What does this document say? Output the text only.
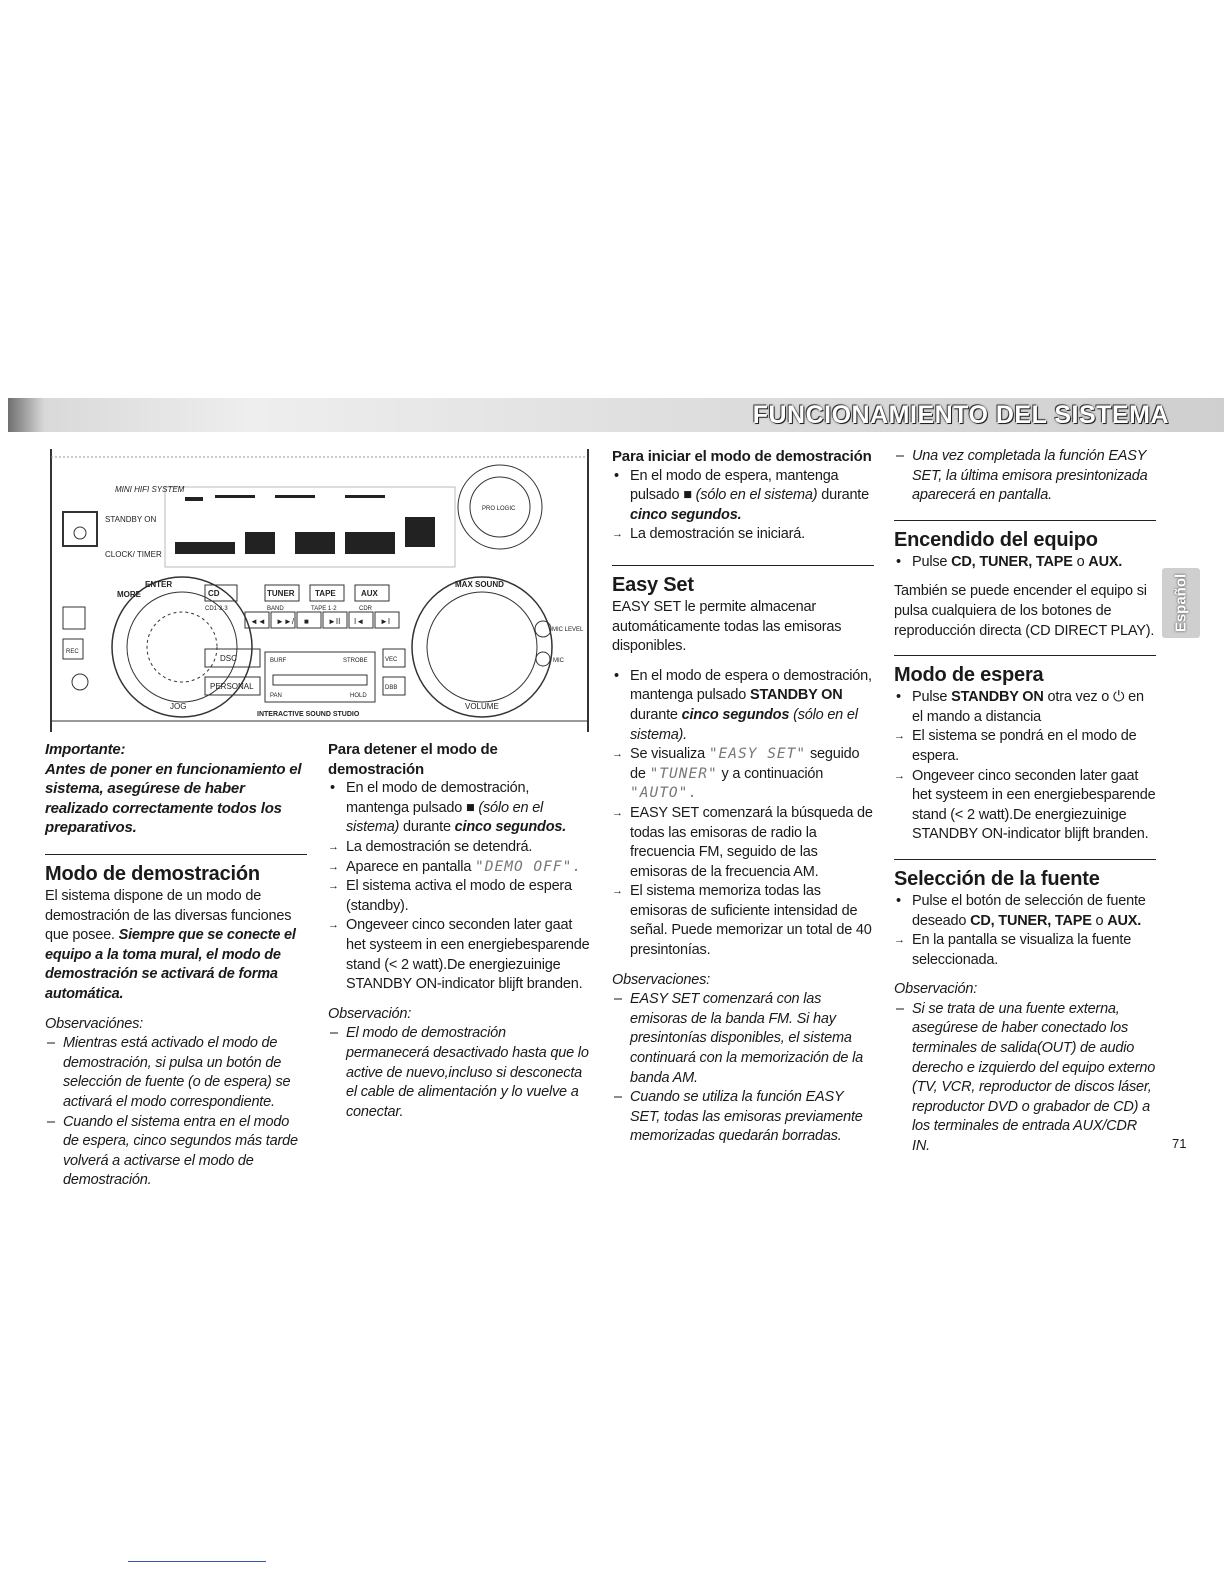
FUNCIONAMIENTO DEL SISTEMA
MINI HIFI SYSTEM
STANDBY ON
CLOCK/ TIMER
CD	TUNER	TAPE	AUX
CD1·2·3	BAND	TAPE 1·2	CDR
◄◄ ►►/ ■ ►II I◄ ►I
ENTER
MORE
MAX SOUND
JOG	VOLUME
DSC
PERSONAL
VEC
DBB
BURF	STROBE
PAN	HOLD
PRO LOGIC
MIC LEVEL
MIC
REC
INTERACTIVE SOUND STUDIO

Importante:

Antes de poner en funcionamiento el sistema, asegúrese de haber realizado correctamente todos los preparativos.

Modo de demostración

El sistema dispone de un modo de demostración de las diversas funciones que posee. Siempre que se conecte el equipo a la toma mural, el modo de demostración se activará de forma automática.

Observaciónes:

– Mientras está activado el modo de demostración, si pulsa un botón de selección de fuente (o de espera) se activará el modo correspondiente.

– Cuando el sistema entra en el modo de espera, cinco segundos más tarde volverá a activarse el modo de demostración.

Para detener el modo de demostración

• En el modo de demostración, mantenga pulsado ■ (sólo en el sistema) durante cinco segundos.

→ La demostración se detendrá.

→ Aparece en pantalla "DEMO OFF".

→ El sistema activa el modo de espera (standby).

→ Ongeveer cinco seconden later gaat het systeem in een energiebesparende stand (< 2 watt).De energiezuinige STANDBY ON-indicator blijft branden.

Observación:

– El modo de demostración permanecerá desactivado hasta que lo active de nuevo,incluso si desconecta el cable de alimentación y lo vuelve a conectar.

Para iniciar el modo de demostración

• En el modo de espera, mantenga pulsado ■ (sólo en el sistema) durante cinco segundos.

→ La demostración se iniciará.

Easy Set

EASY SET le permite almacenar automáticamente todas las emisoras disponibles.

• En el modo de espera o demostración, mantenga pulsado STANDBY ON durante cinco segundos (sólo en el sistema).

→ Se visualiza "EASY SET" seguido de "TUNER" y a continuación "AUTO".

→ EASY SET comenzará la búsqueda de todas las emisoras de radio la frecuencia FM, seguido de las emisoras de la frecuencia AM.

→ El sistema memoriza todas las emisoras de suficiente intensidad de señal. Puede memorizar un total de 40 presintonías.

Observaciones:

– EASY SET comenzará con las emisoras de la banda FM. Si hay presintonías disponibles, el sistema continuará con la memorización de la banda AM.

– Cuando se utiliza la función EASY SET, todas las emisoras previamente memorizadas quedarán borradas.

– Una vez completada la función EASY SET, la última emisora presintonizada aparecerá en pantalla.

Encendido del equipo

• Pulse CD, TUNER, TAPE o AUX.

También se puede encender el equipo si pulsa cualquiera de los botones de reproducción directa (CD DIRECT PLAY).

Modo de espera

• Pulse STANDBY ON otra vez o ⏻ en el mando a distancia

→ El sistema se pondrá en el modo de espera.

→ Ongeveer cinco seconden later gaat het systeem in een energiebesparende stand (< 2 watt).De energiezuinige STANDBY ON-indicator blijft branden.

Selección de la fuente

• Pulse el botón de selección de fuente deseado CD, TUNER, TAPE o AUX.

→ En la pantalla se visualiza la fuente seleccionada.

Observación:

– Si se trata de una fuente externa, asegúrese de haber conectado los terminales de salida(OUT) de audio derecho e izquierdo del equipo externo (TV, VCR, reproductor de discos láser, reproductor DVD o grabador de CD) a los terminales de entrada AUX/CDR IN.

Español
71
